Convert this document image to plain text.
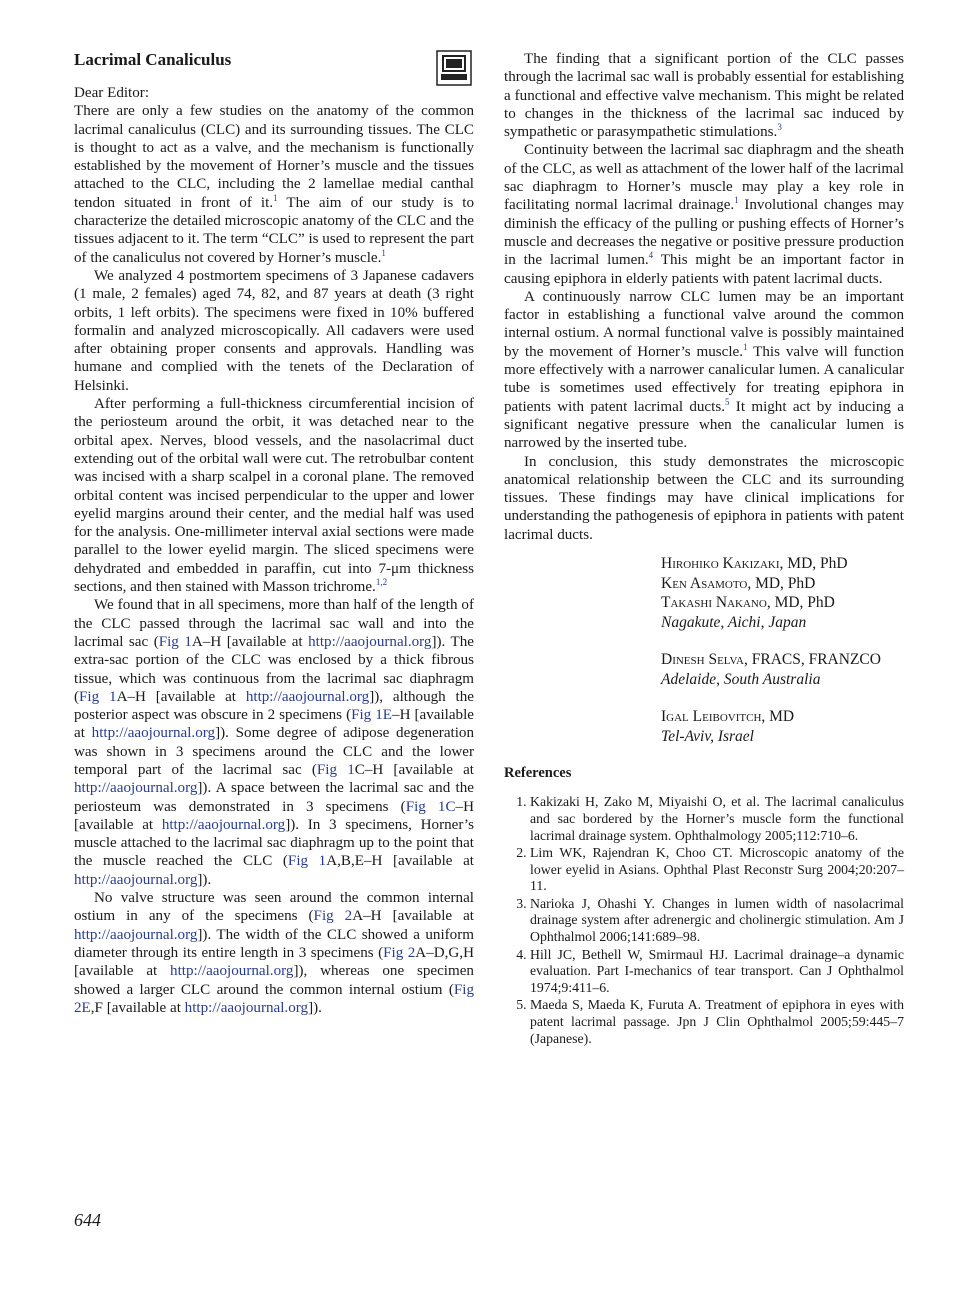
Lacrimal Canaliculus

Dear Editor:

There are only a few studies on the anatomy of the common lacrimal canaliculus (CLC) and its surrounding tissues. The CLC is thought to act as a valve, and the mechanism is functionally established by the movement of Horner’s muscle and the tissues attached to the CLC, including the 2 lamellae medial canthal tendon situated in front of it.$^1$ The aim of our study is to characterize the detailed microscopic anatomy of the CLC and the tissues adjacent to it. The term “CLC” is used to represent the part of the canaliculus not covered by Horner’s muscle.$^1$

We analyzed 4 postmortem specimens of 3 Japanese cadavers (1 male, 2 females) aged 74, 82, and 87 years at death (3 right orbits, 1 left orbits). The specimens were fixed in 10% buffered formalin and analyzed microscopically. All cadavers were used after obtaining proper consents and approvals. Handling was humane and complied with the tenets of the Declaration of Helsinki.

After performing a full-thickness circumferential incision of the periosteum around the orbit, it was detached near to the orbital apex. Nerves, blood vessels, and the nasolacrimal duct extending out of the orbital wall were cut. The retrobulbar content was incised with a sharp scalpel in a coronal plane. The removed orbital content was incised perpendicular to the upper and lower eyelid margins around their center, and the medial half was used for the analysis. One-millimeter interval axial sections were made parallel to the lower eyelid margin. The sliced specimens were dehydrated and embedded in paraffin, cut into 7-μm thickness sections, and then stained with Masson trichrome.$^{1,2}$

We found that in all specimens, more than half of the length of the CLC passed through the lacrimal sac wall and into the lacrimal sac (Fig 1A–H [available at http://aaojournal.org]). The extra-sac portion of the CLC was enclosed by a thick fibrous tissue, which was continuous from the lacrimal sac diaphragm (Fig 1A–H [available at http://aaojournal.org]), although the posterior aspect was obscure in 2 specimens (Fig 1E–H [available at http://aaojournal.org]). Some degree of adipose degeneration was shown in 3 specimens around the CLC and the lower temporal part of the lacrimal sac (Fig 1C–H [available at http://aaojournal.org]). A space between the lacrimal sac and the periosteum was demonstrated in 3 specimens (Fig 1C–H [available at http://aaojournal.org]). In 3 specimens, Horner’s muscle attached to the lacrimal sac diaphragm up to the point that the muscle reached the CLC (Fig 1A,B,E–H [available at http://aaojournal.org]).

No valve structure was seen around the common internal ostium in any of the specimens (Fig 2A–H [available at http://aaojournal.org]). The width of the CLC showed a uniform diameter through its entire length in 3 specimens (Fig 2A–D,G,H [available at http://aaojournal.org]), whereas one specimen showed a larger CLC around the common internal ostium (Fig 2E,F [available at http://aaojournal.org]).

The finding that a significant portion of the CLC passes through the lacrimal sac wall is probably essential for establishing a functional and effective valve mechanism. This might be related to changes in the thickness of the lacrimal sac induced by sympathetic or parasympathetic stimulations.$^3$

Continuity between the lacrimal sac diaphragm and the sheath of the CLC, as well as attachment of the lower half of the lacrimal sac diaphragm to Horner’s muscle may play a key role in facilitating normal lacrimal drainage.$^1$ Involutional changes may diminish the efficacy of the pulling or pushing effects of Horner’s muscle and decreases the negative or positive pressure production in the lacrimal lumen.$^4$ This might be an important factor in causing epiphora in elderly patients with patent lacrimal ducts.

A continuously narrow CLC lumen may be an important factor in establishing a functional valve around the common internal ostium. A normal functional valve is possibly maintained by the movement of Horner’s muscle.$^1$ This valve will function more effectively with a narrower canalicular lumen. A canalicular tube is sometimes used effectively for treating epiphora in patients with patent lacrimal ducts.$^5$ It might act by inducing a significant negative pressure when the canalicular lumen is narrowed by the inserted tube.

In conclusion, this study demonstrates the microscopic anatomical relationship between the CLC and its surrounding tissues. These findings may have clinical implications for understanding the pathogenesis of epiphora in patients with patent lacrimal ducts.

Hirohiko Kakizaki, MD, PhD
Ken Asamoto, MD, PhD
Takashi Nakano, MD, PhD
Nagakute, Aichi, Japan
Dinesh Selva, FRACS, FRANZCO
Adelaide, South Australia
Igal Leibovitch, MD
Tel-Aviv, Israel
References
1. Kakizaki H, Zako M, Miyaishi O, et al. The lacrimal canaliculus and sac bordered by the Horner’s muscle form the functional lacrimal drainage system. Ophthalmology 2005;112:710–6.
2. Lim WK, Rajendran K, Choo CT. Microscopic anatomy of the lower eyelid in Asians. Ophthal Plast Reconstr Surg 2004;20:207–11.
3. Narioka J, Ohashi Y. Changes in lumen width of nasolacrimal drainage system after adrenergic and cholinergic stimulation. Am J Ophthalmol 2006;141:689–98.
4. Hill JC, Bethell W, Smirmaul HJ. Lacrimal drainage–a dynamic evaluation. Part I-mechanics of tear transport. Can J Ophthalmol 1974;9:411–6.
5. Maeda S, Maeda K, Furuta A. Treatment of epiphora in eyes with patent lacrimal passage. Jpn J Clin Ophthalmol 2005;59:445–7 (Japanese).
644
